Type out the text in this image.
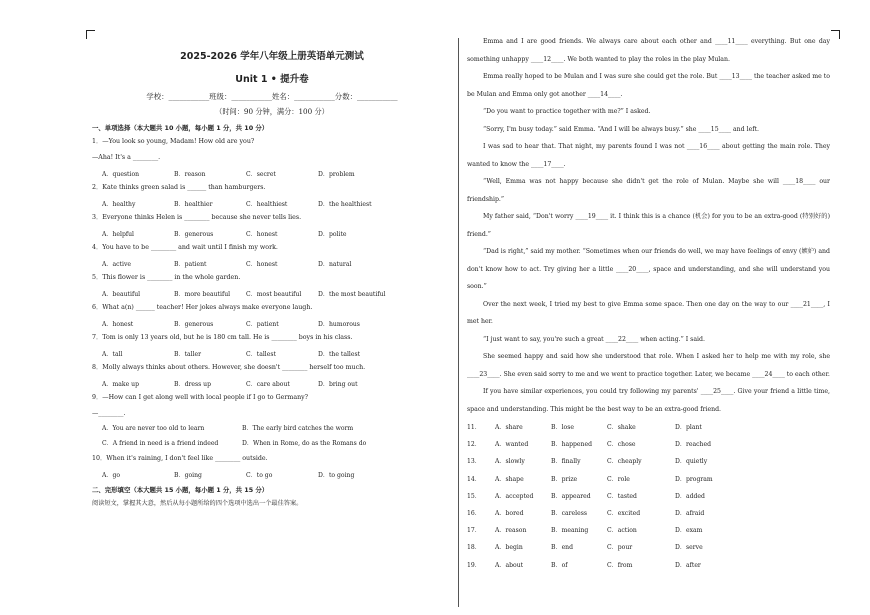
2025-2026 学年八年级上册英语单元测试
Unit 1 • 提升卷
学校：___________班级：___________姓名：___________分数：___________
（时间：90 分钟，满分：100 分）
一、单项选择（本大题共 10 小题，每小题 1 分，共 10 分）
1．—You look so young, Madam! How old are you?
—Aha! It's a ________.
A．question	B．reason	C．secret	D．problem
2．Kate thinks green salad is ______ than hamburgers.
A．healthy	B．healthier	C．healthiest	D．the healthiest
3．Everyone thinks Helen is ________ because she never tells lies.
A．helpful	B．generous	C．honest	D．polite
4．You have to be ________ and wait until I finish my work.
A．active	B．patient	C．honest	D．natural
5．This flower is ________ in the whole garden.
A．beautiful	B．more beautiful	C．most beautiful	D．the most beautiful
6．What a(n) ______ teacher! Her jokes always make everyone laugh.
A．honest	B．generous	C．patient	D．humorous
7．Tom is only 13 years old, but he is 180 cm tall. He is ________ boys in his class.
A．tall	B．taller	C．tallest	D．the tallest
8．Molly always thinks about others. However, she doesn't ________ herself too much.
A．make up	B．dress up	C．care about	D．bring out
9．—How can I get along well with local people if I go to Germany?
—________.
A．You are never too old to learn	B．The early bird catches the worm
C．A friend in need is a friend indeed	D．When in Rome, do as the Romans do
10．When it's raining, I don't feel like ________ outside.
A．go	B．going	C．to go	D．to going
二、完形填空（本大题共 15 小题，每小题 1 分，共 15 分）
阅读短文，掌握其大意，然后从每小题所给的四个选项中选出一个最佳答案。

Emma and I are good friends. We always care about each other and ____11____ everything. But one day something unhappy ____12____. We both wanted to play the roles in the play Mulan.

Emma really hoped to be Mulan and I was sure she could get the role. But ____13____ the teacher asked me to be Mulan and Emma only got another ____14____.

“Do you want to practice together with me?” I asked.

“Sorry, I'm busy today.” said Emma. “And I will be always busy.” she ____15____ and left.

I was sad to hear that. That night, my parents found I was not ____16____ about getting the main role. They wanted to know the ____17____.

“Well, Emma was not happy because she didn't get the role of Mulan. Maybe she will ____18____ our friendship.”

My father said, “Don't worry ____19____ it. I think this is a chance (机会) for you to be an extra-good (特别好的) friend.”

“Dad is right,” said my mother. “Sometimes when our friends do well, we may have feelings of envy (嫉妒) and don't know how to act. Try giving her a little ____20____, space and understanding, and she will understand you soon.”

Over the next week, I tried my best to give Emma some space. Then one day on the way to our ____21____, I met her.

“I just want to say, you're such a great ____22____ when acting.” I said.

She seemed happy and said how she understood that role. When I asked her to help me with my role, she ____23____. She even said sorry to me and we went to practice together. Later, we became ____24____ to each other.

If you have similar experiences, you could try following my parents' ____25____. Give your friend a little time, space and understanding. This might be the best way to be an extra-good friend.

11．	A．share	B．lose	C．shake	D．plant
12．	A．wanted	B．happened	C．chose	D．reached
13．	A．slowly	B．finally	C．cheaply	D．quietly
14．	A．shape	B．prize	C．role	D．program
15．	A．accepted	B．appeared	C．tasted	D．added
16．	A．bored	B．careless	C．excited	D．afraid
17．	A．reason	B．meaning	C．action	D．exam
18．	A．begin	B．end	C．pour	D．serve
19．	A．about	B．of	C．from	D．after
